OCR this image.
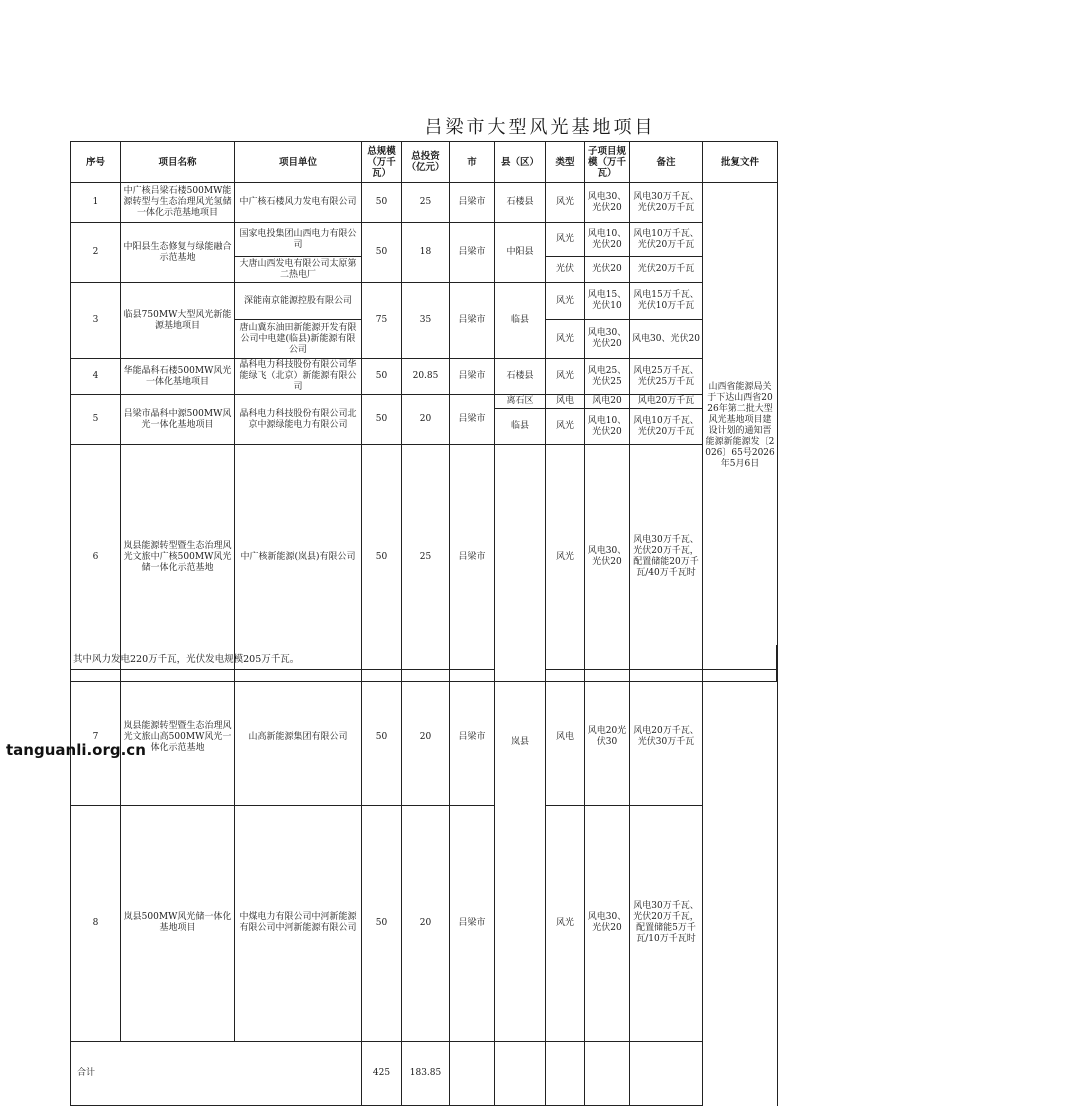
吕梁市大型风光基地项目
序号	项目名称	项目单位	总规模（万千瓦）	总投资（亿元）	市	县（区）	类型	子项目规模（万千瓦）	备注	批复文件	
1	中广核吕梁石楼500MW能源转型与生态治理风光氢储一体化示范基地项目	中广核石楼风力发电有限公司	50	25	吕梁市	石楼县	风光	风电30、光伏20	风电30万千瓦、光伏20万千瓦	山西省能源局关于下达山西省2026年第二批大型风光基地项目建设计划的通知晋能源新能源发〔2026〕65号2026年5月6日	
2	中阳县生态修复与绿能融合示范基地	国家电投集团山西电力有限公司	50	18	吕梁市	中阳县	风光	风电10、光伏20	风电10万千瓦、光伏20万千瓦		
		大唐山西发电有限公司太原第二热电厂					光伏	光伏20	光伏20万千瓦		
3	临县750MW大型风光新能源基地项目	深能南京能源控股有限公司	75	35	吕梁市	临县	风光	风电15、光伏10	风电15万千瓦、光伏10万千瓦		
		唐山冀东油田新能源开发有限公司中电建(临县)新能源有限公司					风光	风电30、光伏20	风电30、光伏20		
4	华能晶科石楼500MW风光一体化基地项目	晶科电力科技股份有限公司华能绿飞（北京）新能源有限公司	50	20.85	吕梁市	石楼县	风光	风电25、光伏25	风电25万千瓦、光伏25万千瓦		
5	吕梁市晶科中源500MW风光一体化基地项目	晶科电力科技股份有限公司北京中源绿能电力有限公司	50	20	吕梁市	离石区	风电	风电20	风电20万千瓦		
						临县	风光	风电10、光伏20	风电10万千瓦、光伏20万千瓦		
6	岚县能源转型暨生态治理风光文旅中广核500MW风光储一体化示范基地	中广核新能源(岚县)有限公司	50	25	吕梁市	岚县	风光	风电30、光伏20	风电30万千瓦、光伏20万千瓦，配置储能20万千瓦/40万千瓦时	
7	岚县能源转型暨生态治理风光文旅山高500MW风光一体化示范基地	山高新能源集团有限公司	50	20	吕梁市		风电	风电20光伏30	风电20万千瓦、光伏30万千瓦		
8	岚县500MW风光储一体化基地项目	中煤电力有限公司中河新能源有限公司中河新能源有限公司	50	20	吕梁市		风光	风电30、光伏20	风电30万千瓦、光伏20万千瓦，配置储能5万千瓦/10万千瓦时		
合计			425	183.85							
其中风力发电220万千瓦，光伏发电规模205万千瓦。
tanguanli.org.cn
